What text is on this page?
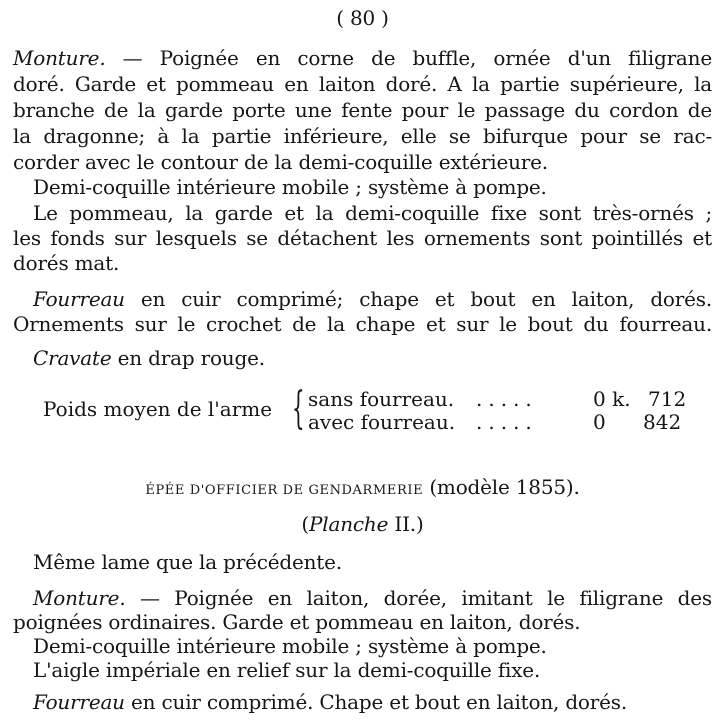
( 80 )

Monture. — Poignée en corne de buffle, ornée d'un filigrane

doré. Garde et pommeau en laiton doré. A la partie supérieure, la

branche de la garde porte une fente pour le passage du cordon de

la dragonne; à la partie inférieure, elle se bifurque pour se rac-

corder avec le contour de la demi-coquille extérieure.

Demi-coquille intérieure mobile ; système à pompe.

Le pommeau, la garde et la demi-coquille fixe sont très-ornés ;

les fonds sur lesquels se détachent les ornements sont pointillés et

dorés mat.

Fourreau en cuir comprimé; chape et bout en laiton, dorés.

Ornements sur le crochet de la chape et sur le bout du fourreau.

Cravate en drap rouge.

Poids moyen de l'arme { sans fourreau. .....	0 k. 712
avec fourreau. .....	0 842

ÉPÉE D'OFFICIER DE GENDARMERIE (modèle 1855).

(Planche II.)

Même lame que la précédente.

Monture. — Poignée en laiton, dorée, imitant le filigrane des

poignées ordinaires. Garde et pommeau en laiton, dorés.

Demi-coquille intérieure mobile ; système à pompe.

L'aigle impériale en relief sur la demi-coquille fixe.

Fourreau en cuir comprimé. Chape et bout en laiton, dorés.
